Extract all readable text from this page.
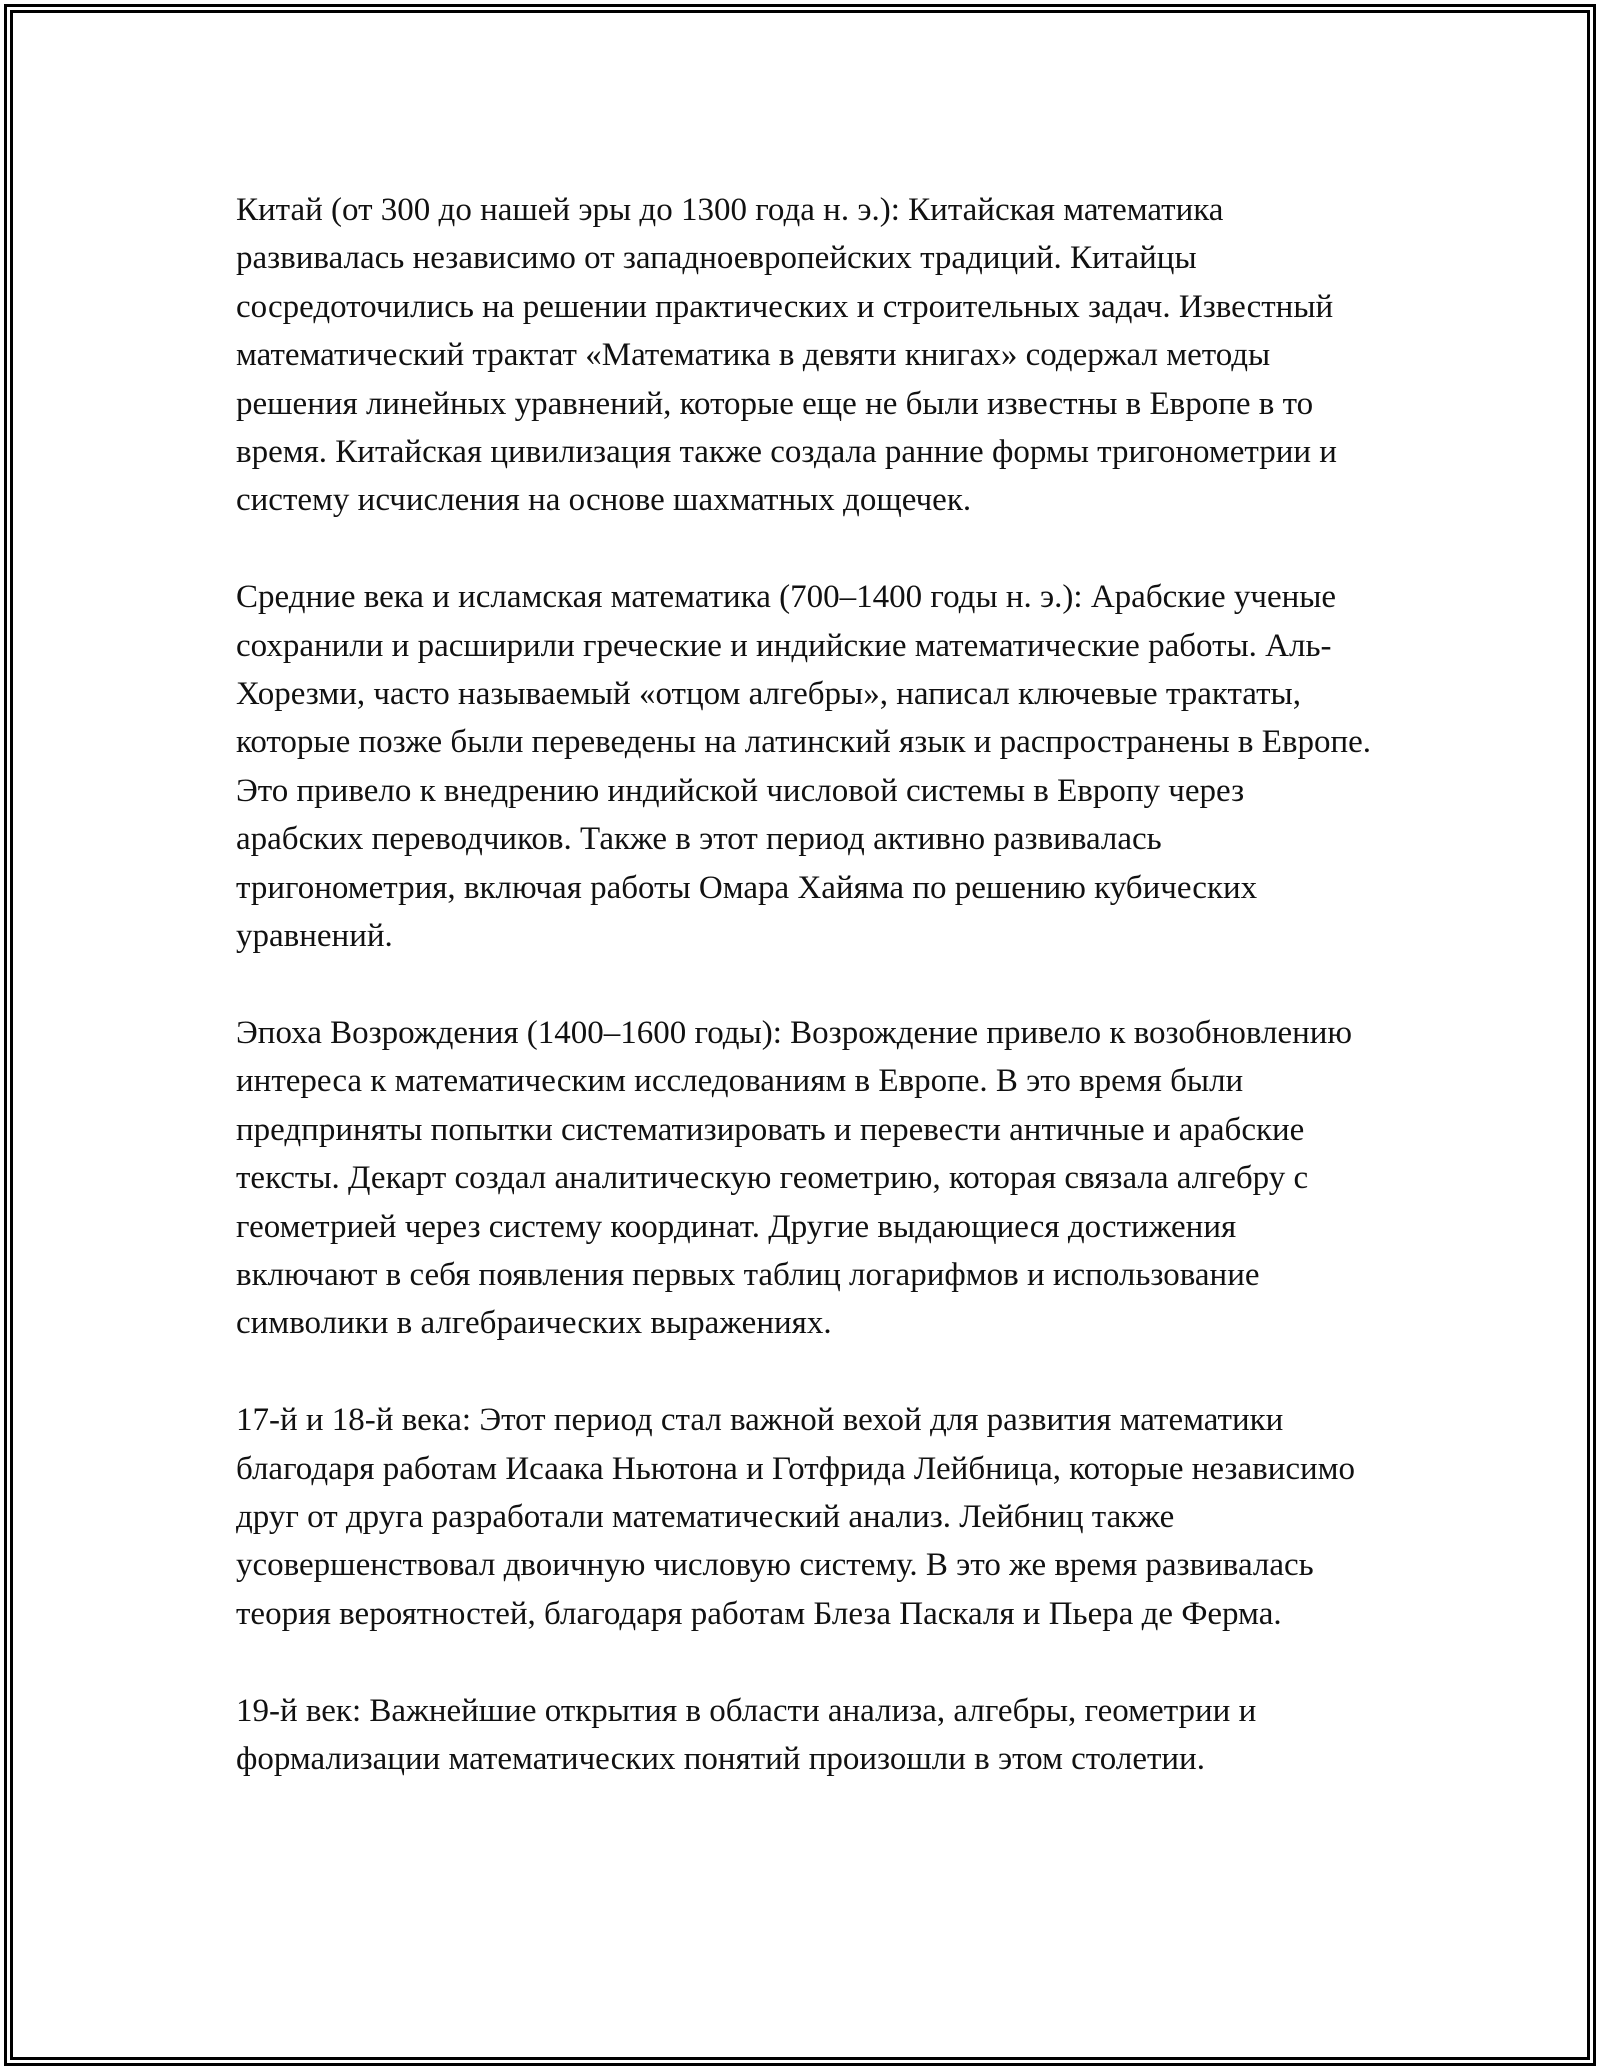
Китай (от 300 до нашей эры до 1300 года н. э.): Китайская математика развивалась независимо от западноевропейских традиций. Китайцы сосредоточились на решении практических и строительных задач. Известный математический трактат «Математика в девяти книгах» содержал методы решения линейных уравнений, которые еще не были известны в Европе в то время. Китайская цивилизация также создала ранние формы тригонометрии и систему исчисления на основе шахматных дощечек.

Средние века и исламская математика (700–1400 годы н. э.): Арабские ученые сохранили и расширили греческие и индийские математические работы. Аль-Хорезми, часто называемый «отцом алгебры», написал ключевые трактаты, которые позже были переведены на латинский язык и распространены в Европе. Это привело к внедрению индийской числовой системы в Европу через арабских переводчиков. Также в этот период активно развивалась тригонометрия, включая работы Омара Хайяма по решению кубических уравнений.

Эпоха Возрождения (1400–1600 годы): Возрождение привело к возобновлению интереса к математическим исследованиям в Европе. В это время были предприняты попытки систематизировать и перевести античные и арабские тексты. Декарт создал аналитическую геометрию, которая связала алгебру с геометрией через систему координат. Другие выдающиеся достижения включают в себя появления первых таблиц логарифмов и использование символики в алгебраических выражениях.

17-й и 18-й века: Этот период стал важной вехой для развития математики благодаря работам Исаака Ньютона и Готфрида Лейбница, которые независимо друг от друга разработали математический анализ. Лейбниц также усовершенствовал двоичную числовую систему. В это же время развивалась теория вероятностей, благодаря работам Блеза Паскаля и Пьера де Ферма.

19-й век: Важнейшие открытия в области анализа, алгебры, геометрии и формализации математических понятий произошли в этом столетии.
